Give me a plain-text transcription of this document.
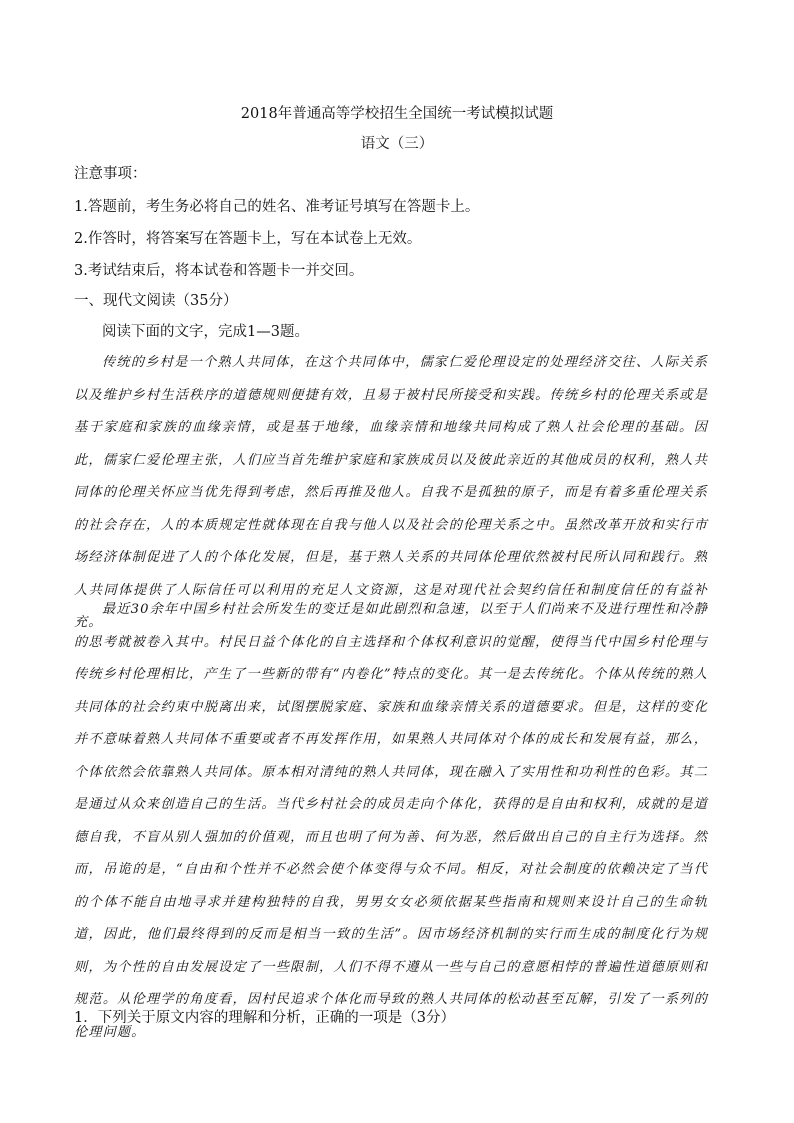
2018年普通高等学校招生全国统一考试模拟试题
语文（三）
注意事项：
1.答题前，考生务必将自己的姓名、准考证号填写在答题卡上。
2.作答时，将答案写在答题卡上，写在本试卷上无效。
3.考试结束后，将本试卷和答题卡一并交回。
一、现代文阅读（35分）
阅读下面的文字，完成1—3题。

传统的乡村是一个熟人共同体，在这个共同体中，儒家仁爱伦理设定的处理经济交往、人际关系以及维护乡村生活秩序的道德规则便捷有效，且易于被村民所接受和实践。传统乡村的伦理关系或是基于家庭和家族的血缘亲情，或是基于地缘，血缘亲情和地缘共同构成了熟人社会伦理的基础。因此，儒家仁爱伦理主张，人们应当首先维护家庭和家族成员以及彼此亲近的其他成员的权利，熟人共同体的伦理关怀应当优先得到考虑，然后再推及他人。自我不是孤独的原子，而是有着多重伦理关系的社会存在，人的本质规定性就体现在自我与他人以及社会的伦理关系之中。虽然改革开放和实行市场经济体制促进了人的个体化发展，但是，基于熟人关系的共同体伦理依然被村民所认同和践行。熟人共同体提供了人际信任可以利用的充足人文资源，这是对现代社会契约信任和制度信任的有益补充。

最近30余年中国乡村社会所发生的变迁是如此剧烈和急速，以至于人们尚来不及进行理性和冷静的思考就被卷入其中。村民日益个体化的自主选择和个体权利意识的觉醒，使得当代中国乡村伦理与传统乡村伦理相比，产生了一些新的带有“内卷化”特点的变化。其一是去传统化。个体从传统的熟人共同体的社会约束中脱离出来，试图摆脱家庭、家族和血缘亲情关系的道德要求。但是，这样的变化并不意味着熟人共同体不重要或者不再发挥作用，如果熟人共同体对个体的成长和发展有益，那么，个体依然会依靠熟人共同体。原本相对清纯的熟人共同体，现在融入了实用性和功利性的色彩。其二是通过从众来创造自己的生活。当代乡村社会的成员走向个体化，获得的是自由和权利，成就的是道德自我，不盲从别人强加的价值观，而且也明了何为善、何为恶，然后做出自己的自主行为选择。然而，吊诡的是，“自由和个性并不必然会使个体变得与众不同。相反，对社会制度的依赖决定了当代的个体不能自由地寻求并建构独特的自我，男男女女必须依据某些指南和规则来设计自己的生命轨道，因此，他们最终得到的反而是相当一致的生活”。因市场经济机制的实行而生成的制度化行为规则，为个性的自由发展设定了一些限制，人们不得不遵从一些与自己的意愿相悖的普遍性道德原则和规范。从伦理学的角度看，因村民追求个体化而导致的熟人共同体的松动甚至瓦解，引发了一系列的伦理问题。

1．下列关于原文内容的理解和分析，正确的一项是（3分）
